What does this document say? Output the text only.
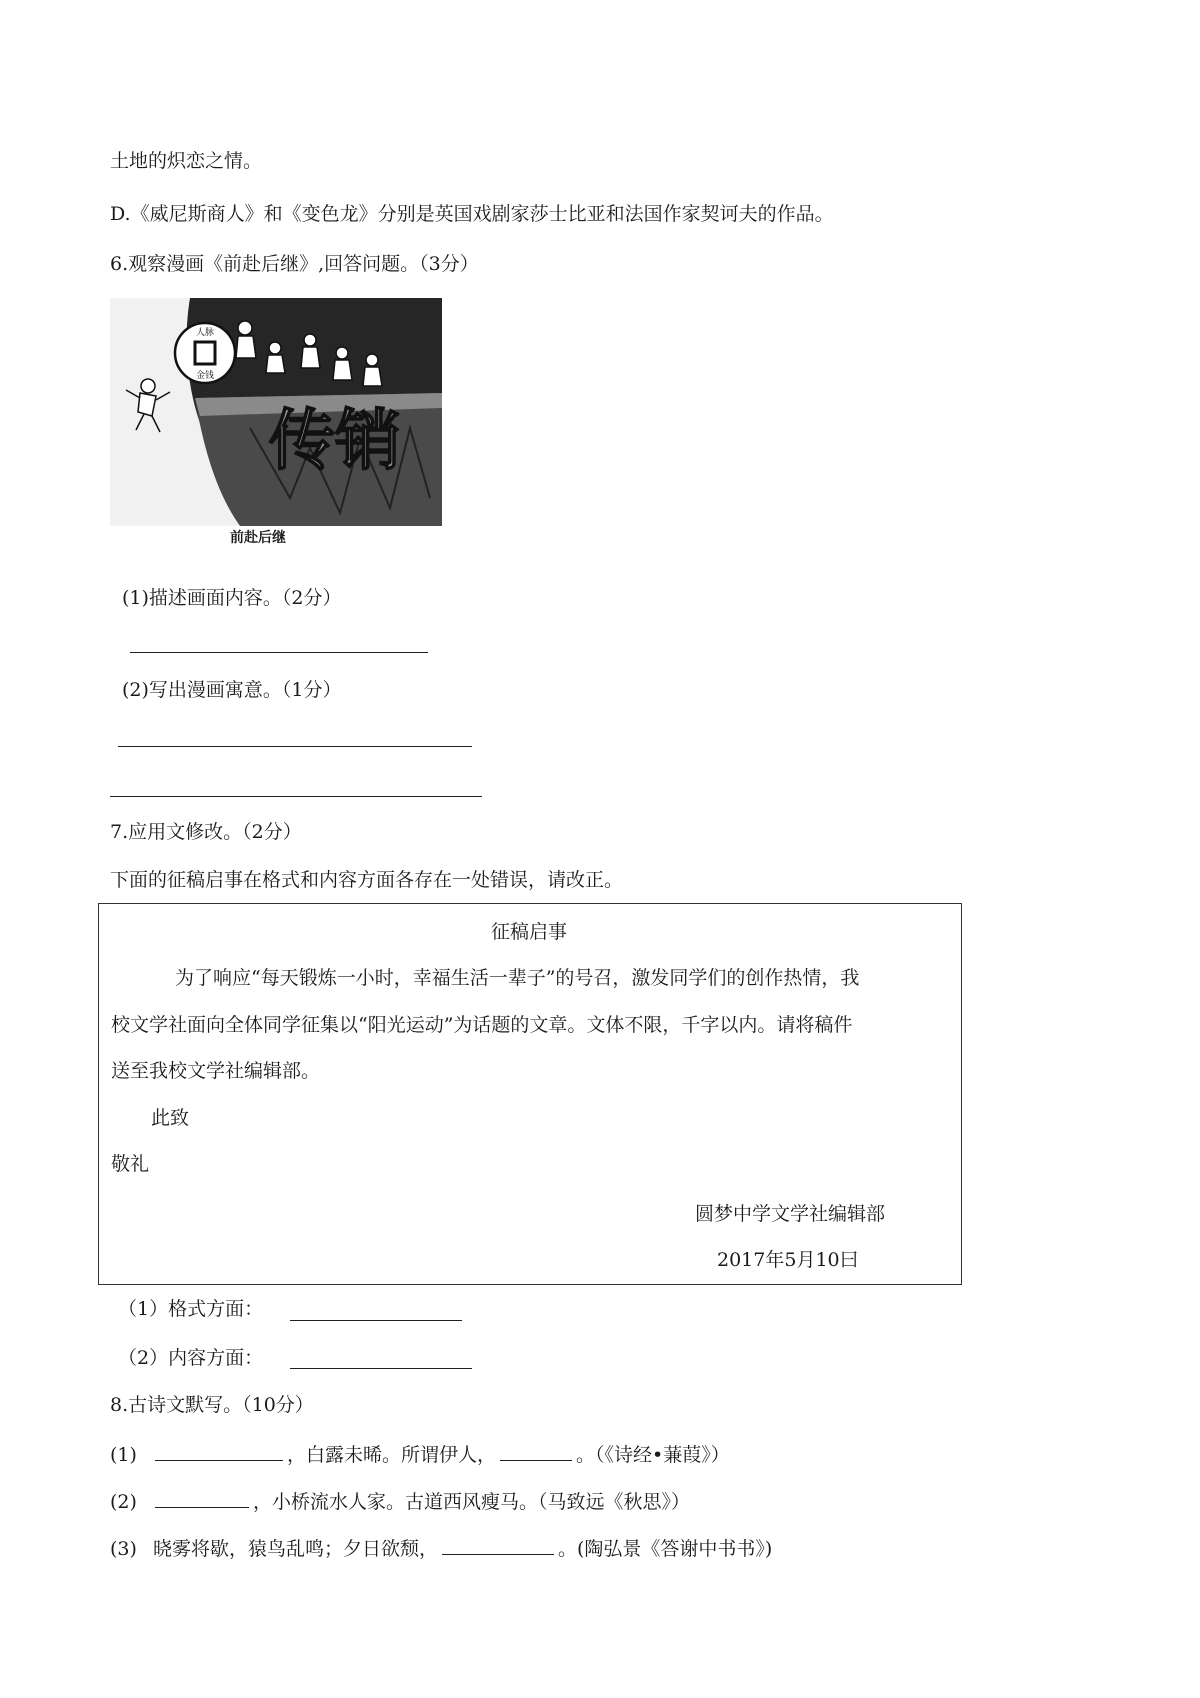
土地的炽恋之情。
D.《威尼斯商人》和《变色龙》分别是英国戏剧家莎士比亚和法国作家契诃夫的作品。
6.观察漫画《前赴后继》,回答问题。（3分）
人脉
金钱
传销
前赴后继
(1)描述画面内容。（2分）
(2)写出漫画寓意。（1分）
7.应用文修改。（2分）
下面的征稿启事在格式和内容方面各存在一处错误，请改正。
征稿启事
为了响应“每天锻炼一小时，幸福生活一辈子”的号召，激发同学们的创作热情，我
校文学社面向全体同学征集以“阳光运动”为话题的文章。文体不限，千字以内。请将稿件
送至我校文学社编辑部。
此致
敬礼
圆梦中学文学社编辑部
2017年5月10曰
（1）格式方面：
（2）内容方面：
8.古诗文默写。（10分）
(1)	，白露未晞。所谓伊人，	。（《诗经•蒹葭》）
(2)	，小桥流水人家。古道西风瘦马。（马致远《秋思》）
(3) 晓雾将歇，猿鸟乱鸣；夕日欲颓，	。(陶弘景《答谢中书书》)
